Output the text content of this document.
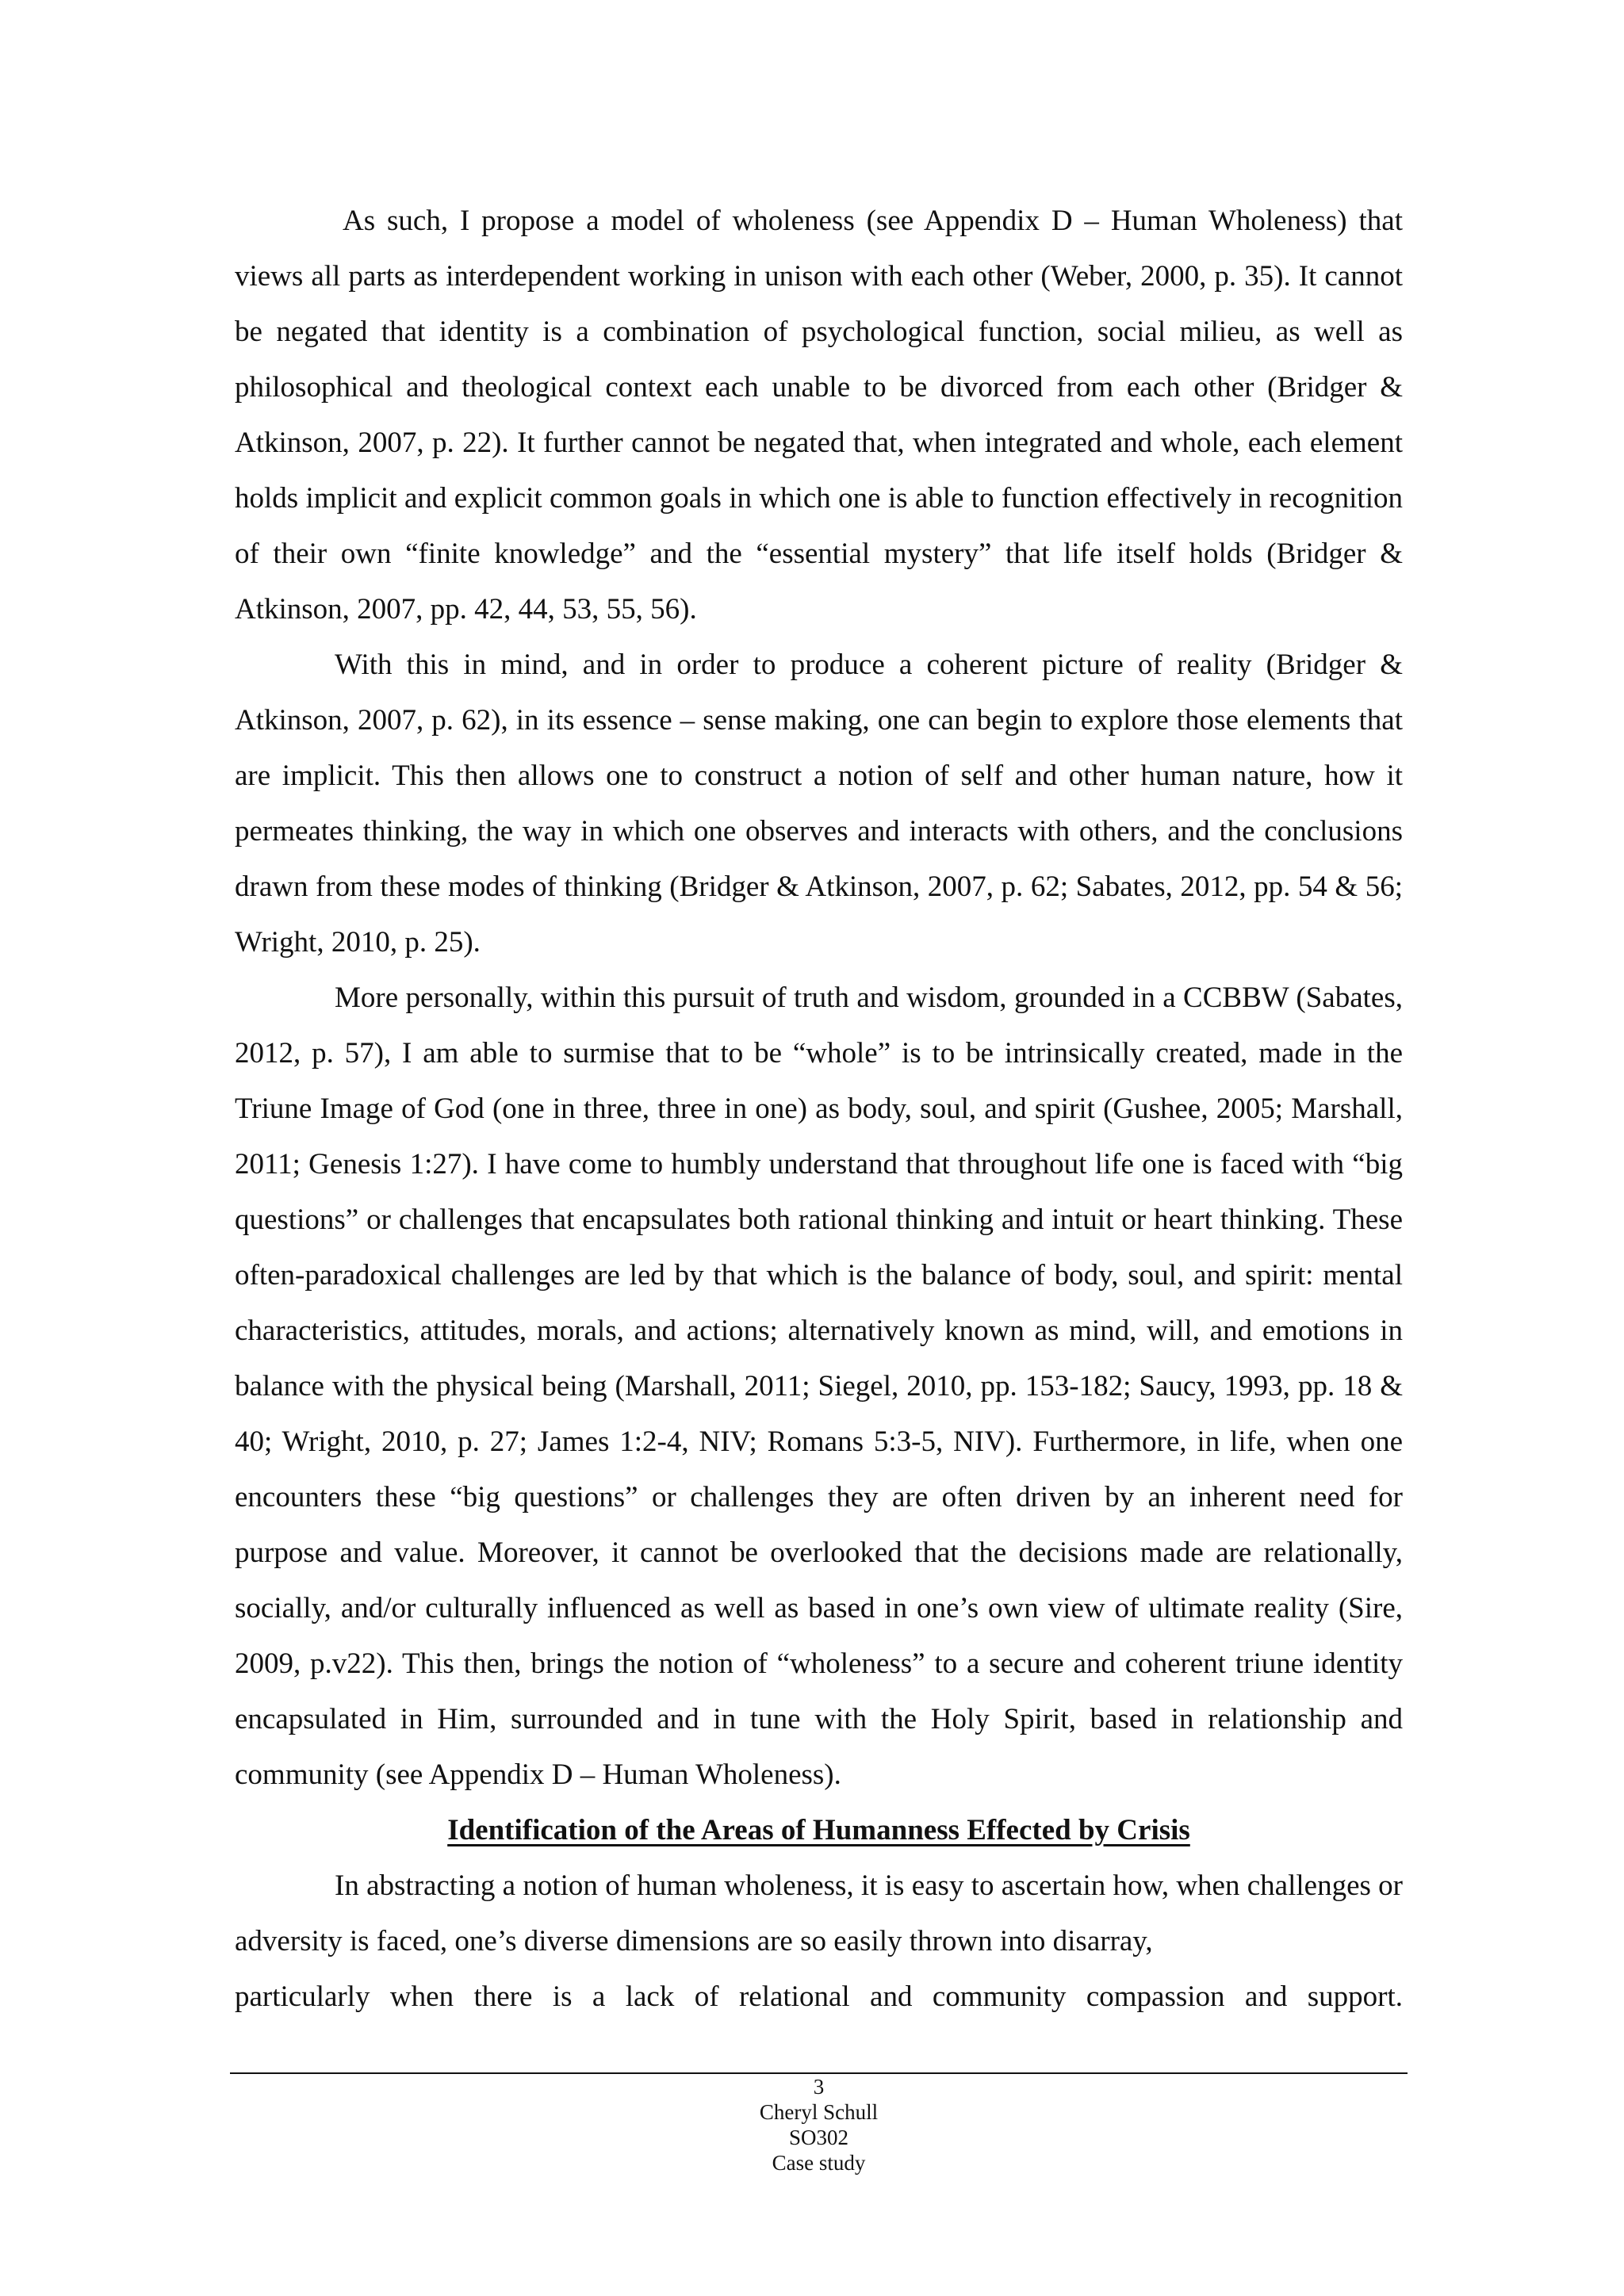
As such, I propose a model of wholeness (see Appendix D – Human Wholeness) that views all parts as interdependent working in unison with each other (Weber, 2000, p. 35). It cannot be negated that identity is a combination of psychological function, social milieu, as well as philosophical and theological context each unable to be divorced from each other (Bridger & Atkinson, 2007, p. 22). It further cannot be negated that, when integrated and whole, each element holds implicit and explicit common goals in which one is able to function effectively in recognition of their own “finite knowledge” and the “essential mystery” that life itself holds (Bridger & Atkinson, 2007, pp. 42, 44, 53, 55, 56).

With this in mind, and in order to produce a coherent picture of reality (Bridger & Atkinson, 2007, p. 62), in its essence – sense making, one can begin to explore those elements that are implicit. This then allows one to construct a notion of self and other human nature, how it permeates thinking, the way in which one observes and interacts with others, and the conclusions drawn from these modes of thinking (Bridger & Atkinson, 2007, p. 62; Sabates, 2012, pp. 54 & 56; Wright, 2010, p. 25).

More personally, within this pursuit of truth and wisdom, grounded in a CCBBW (Sabates, 2012, p. 57), I am able to surmise that to be “whole” is to be intrinsically created, made in the Triune Image of God (one in three, three in one) as body, soul, and spirit (Gushee, 2005; Marshall, 2011; Genesis 1:27). I have come to humbly understand that throughout life one is faced with “big questions” or challenges that encapsulates both rational thinking and intuit or heart thinking. These often-paradoxical challenges are led by that which is the balance of body, soul, and spirit: mental characteristics, attitudes, morals, and actions; alternatively known as mind, will, and emotions in balance with the physical being (Marshall, 2011; Siegel, 2010, pp. 153-182; Saucy, 1993, pp. 18 & 40; Wright, 2010, p. 27; James 1:2-4, NIV; Romans 5:3-5, NIV). Furthermore, in life, when one encounters these “big questions” or challenges they are often driven by an inherent need for purpose and value. Moreover, it cannot be overlooked that the decisions made are relationally, socially, and/or culturally influenced as well as based in one’s own view of ultimate reality (Sire, 2009, p.v22). This then, brings the notion of “wholeness” to a secure and coherent triune identity encapsulated in Him, surrounded and in tune with the Holy Spirit, based in relationship and community (see Appendix D – Human Wholeness).

Identification of the Areas of Humanness Effected by Crisis

In abstracting a notion of human wholeness, it is easy to ascertain how, when challenges or adversity is faced, one’s diverse dimensions are so easily thrown into disarray,
particularly when there is a lack of relational and community compassion and support.

3
Cheryl Schull
SO302
Case study
